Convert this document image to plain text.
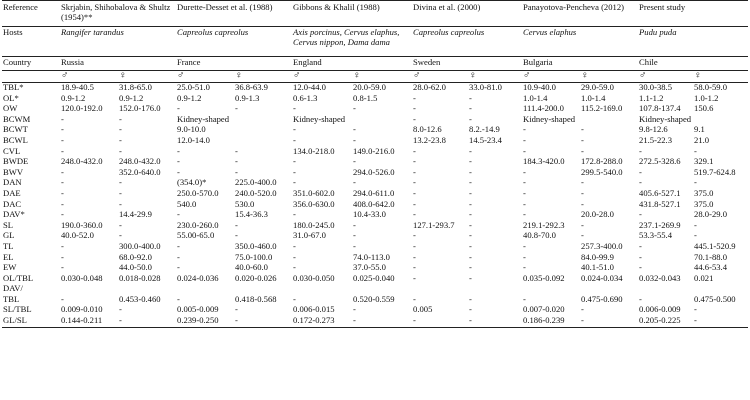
Reference	Skrjabin, Shihobalova & Shultz (1954)**		Durette-Desset et al. (1988)		Gibbons & Khalil (1988)		Divina et al. (2000)		Panayotova-Pencheva (2012)		Present study	
Hosts	Rangifer tarandus		Capreolus capreolus		Axis porcinus, Cervus elaphus, Cervus nippon, Dama dama		Capreolus capreolus		Cervus elaphus		Pudu puda	
Country	Russia		France		England		Sweden		Bulgaria		Chile	
	♂	♀	♂	♀	♂	♀	♂	♀	♂	♀	♂	♀
TBL*	18.9-40.5	31.8-65.0	25.0-51.0	36.8-63.9	12.0-44.0	20.0-59.0	28.0-62.0	33.0-81.0	10.9-40.0	29.0-59.0	30.0-38.5	58.0-59.0
OL*	0.9-1.2	0.9-1.2	0.9-1.2	0.9-1.3	0.6-1.3	0.8-1.5	-	-	1.0-1.4	1.0-1.4	1.1-1.2	1.0-1.2
OW	120.0-192.0	152.0-176.0	-	-	-	-	-	-	111.4-200.0	115.2-169.0	107.8-137.4	150.6
BCWM	-	-	Kidney-shaped		Kidney-shaped		-	-	Kidney-shaped		Kidney-shaped	
BCWT	-	-	9.0-10.0		-	-	8.0-12.6	8.2.-14.9	-	-	9.8-12.6	9.1
BCWL	-	-	12.0-14.0		-	-	13.2-23.8	14.5-23.4	-	-	21.5-22.3	21.0
CVL	-	-	-	-	134.0-218.0	149.0-216.0	-	-	-	-	-	-
BWDE	248.0-432.0	248.0-432.0	-	-	-	-	-	-	184.3-420.0	172.8-288.0	272.5-328.6	329.1
BWV	-	352.0-640.0	-	-	-	294.0-526.0	-	-	-	299.5-540.0	-	519.7-624.8
DAN	-	-	(354.0)*	225.0-400.0	-	-	-	-	-	-	-	-
DAE	-	-	250.0-570.0	240.0-520.0	351.0-602.0	294.0-611.0	-	-	-	-	405.6-527.1	375.0
DAC	-	-	540.0	530.0	356.0-630.0	408.0-642.0	-	-	-	-	431.8-527.1	375.0
DAV*	-	14.4-29.9	-	15.4-36.3	-	10.4-33.0	-	-	-	20.0-28.0	-	28.0-29.0
SL	190.0-360.0	-	230.0-260.0	-	180.0-245.0	-	127.1-293.7	-	219.1-292.3	-	237.1-269.9	-
GL	40.0-52.0	-	55.00-65.0	-	31.0-67.0	-	-	-	40.8-70.0	-	53.3-55.4	-
TL	-	300.0-400.0	-	350.0-460.0	-	-	-	-	-	257.3-400.0	-	445.1-520.9
EL	-	68.0-92.0	-	75.0-100.0	-	74.0-113.0	-	-	-	84.0-99.9	-	70.1-88.0
EW	-	44.0-50.0	-	40.0-60.0	-	37.0-55.0	-	-	-	40.1-51.0	-	44.6-53.4
OL/TBL	0.030-0.048	0.018-0.028	0.024-0.036	0.020-0.026	0.030-0.050	0.025-0.040	-	-	0.035-0.092	0.024-0.034	0.032-0.043	0.021
DAV/												
TBL	-	0.453-0.460	-	0.418-0.568	-	0.520-0.559	-	-	-	0.475-0.690	-	0.475-0.500
SL/TBL	0.009-0.010	-	0.005-0.009	-	0.006-0.015	-	0.005	-	0.007-0.020	-	0.006-0.009	-
GL/SL	0.144-0.211	-	0.239-0.250	-	0.172-0.273	-	-	-	0.186-0.239	-	0.205-0.225	-
